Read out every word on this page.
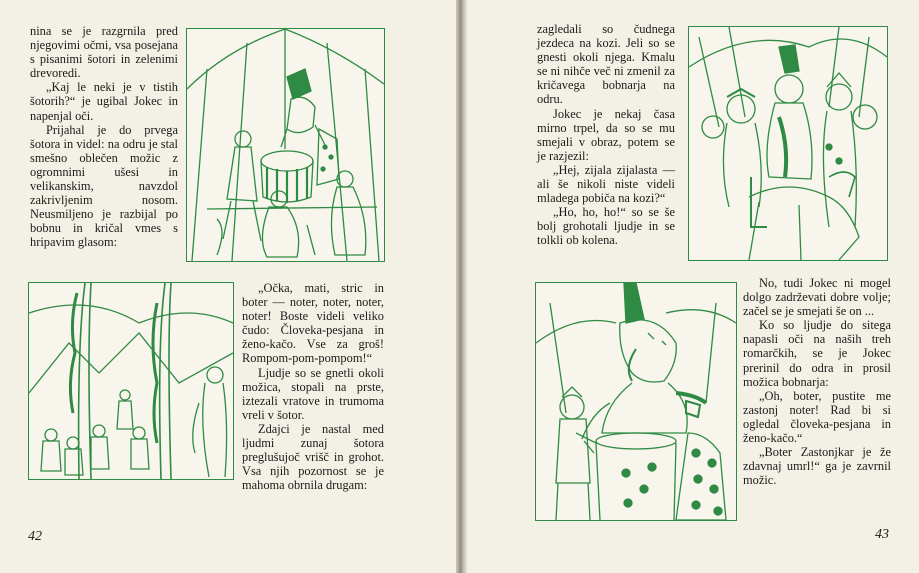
nina se je razgrnila pred njegovimi očmi, vsa posejana s pisanimi šotori in zelenimi drevoredi.

„Kaj le neki je v tistih šotorih?“ je ugibal Jokec in napenjal oči.

Prijahal je do prvega šotora in videl: na odru je stal smešno oblečen možic z ogromnimi ušesi in velikanskim, navzdol zakrivljenim nosom. Neusmiljeno je razbijal po bobnu in kričal vmes s hripavim glasom:

„Očka, mati, stric in boter — noter, noter, noter, noter! Boste videli veliko čudo: Človeka-pesjana in ženo-kačo. Vse za groš! Rompom-pom-pompom!“

Ljudje so se gnetli okoli možica, stopali na prste, iztezali vratove in trumoma vreli v šotor.

Zdajci je nastal med ljudmi zunaj šotora preglušujoč vrišč in grohot. Vsa njih pozornost se je mahoma obrnila drugam:

42

zagledali so čudnega jezdeca na kozi. Jeli so se gnesti okoli njega. Kmalu se ni nihče več ni zmenil za kričavega bobnarja na odru.

Jokec je nekaj časa mirno trpel, da so se mu smejali v obraz, potem se je razjezil:

„Hej, zijala zijalasta — ali še nikoli niste videli mladega pobiča na kozi?“

„Ho, ho, ho!“ so se še bolj grohotali ljudje in se tolkli ob kolena.

No, tudi Jokec ni mogel dolgo zadrževati dobre volje; začel se je smejati še on ...

Ko so ljudje do sitega napasli oči na naših treh romarčkih, se je Jokec prerinil do odra in prosil možica bobnarja:

„Oh, boter, pustite me zastonj noter! Rad bi si ogledal človeka-pesjana in ženo-kačo.“

„Boter Zastonjkar je že zdavnaj umrl!“ ga je zavrnil možic.

43
